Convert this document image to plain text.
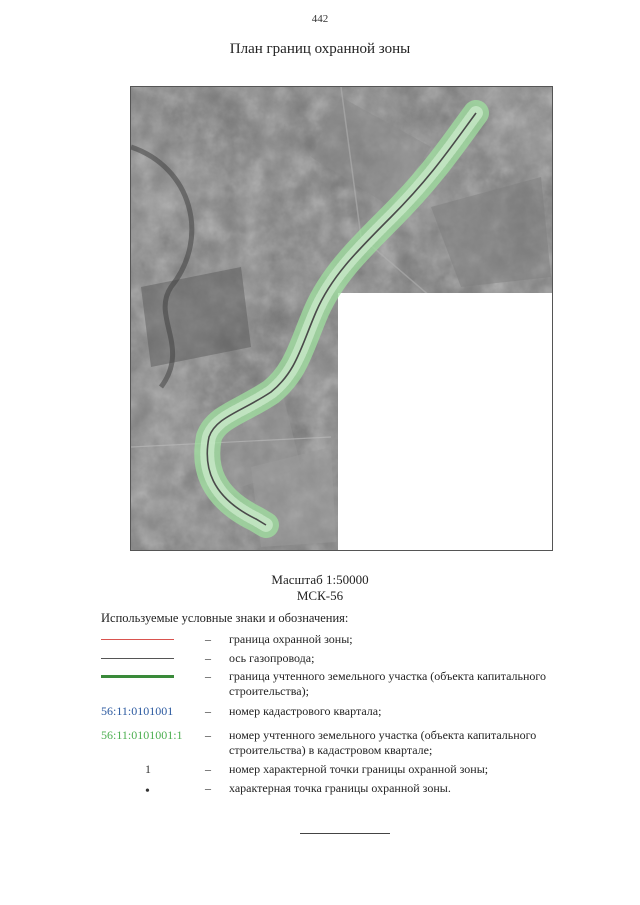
442
План границ охранной зоны
Масштаб 1:50000
МСК-56
Используемые условные знаки и обозначения:
– граница охранной зоны;
– ось газопровода;
– граница учтенного земельного участка (объекта капитального строительства);
56:11:0101001	– номер кадастрового квартала;
56:11:0101001:1 – номер учтенного земельного участка (объекта капитального строительства) в кадастровом квартале;
1	– номер характерной точки границы охранной зоны;
•	– характерная точка границы охранной зоны.
